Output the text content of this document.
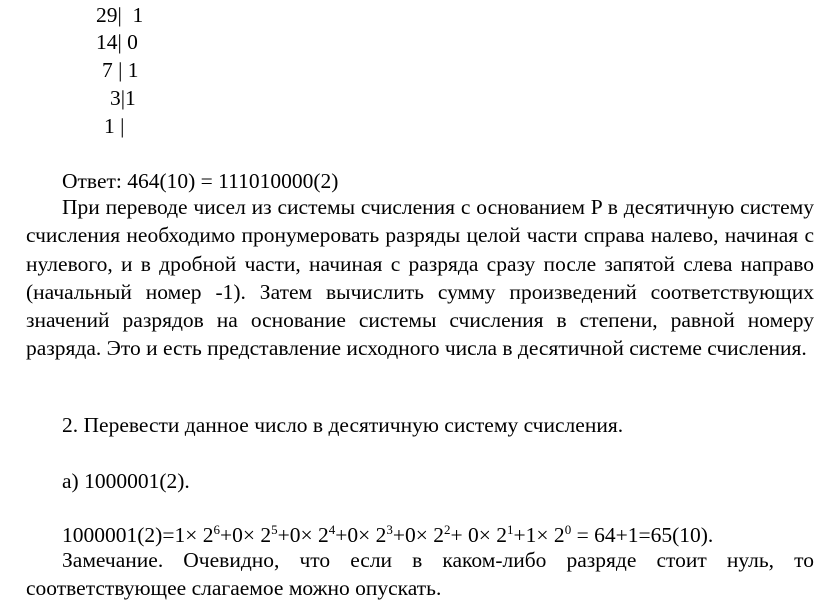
29|  1
14| 0
7 | 1
3|1
1 |
Ответ: 464(10) = 111010000(2)
При переводе чисел из системы счисления с основанием P в десятичную систему счисления необходимо пронумеровать разряды целой части справа налево, начиная с нулевого, и в дробной части, начиная с разряда сразу после запятой слева направо (начальный номер -1). Затем вычислить сумму произведений соответствующих значений разрядов на основание системы счисления в степени, равной номеру разряда. Это и есть представление исходного числа в десятичной системе счисления.
2. Перевести данное число в десятичную систему счисления.
а) 1000001(2).
$1000001(2)=1\times 2^6+0\times 2^5+0\times 2^4+0\times 2^3+0\times 2^2+ 0\times 2^1+1\times 2^0 = 64+1=65(10)$.
Замечание. Очевидно, что если в каком-либо разряде стоит нуль, то соответствующее слагаемое можно опускать.
